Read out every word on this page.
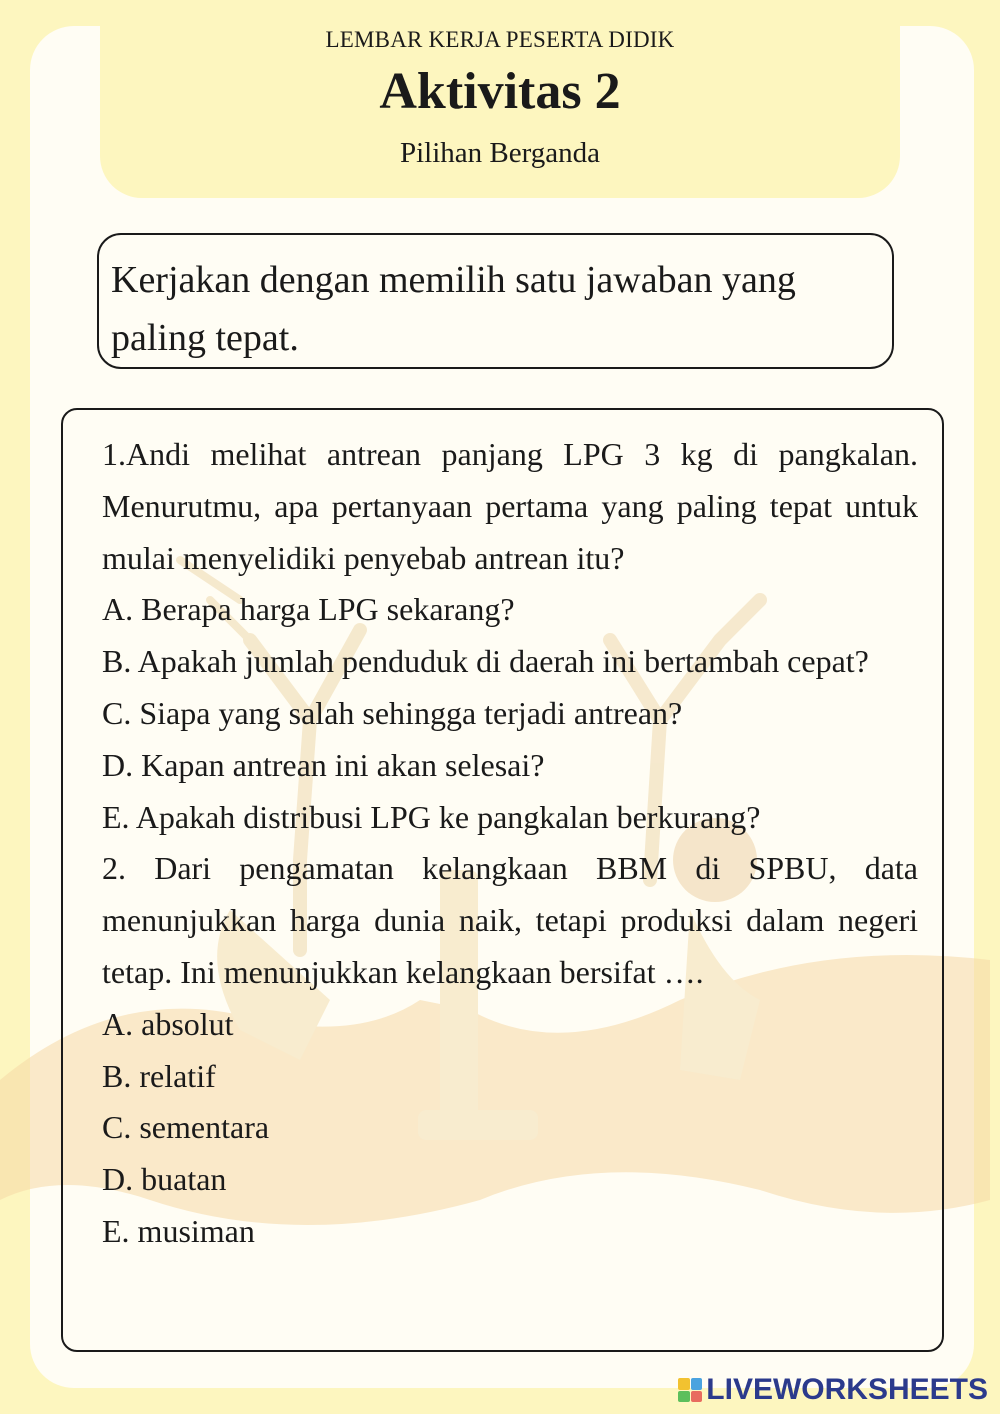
LEMBAR KERJA PESERTA DIDIK
Aktivitas 2
Pilihan Berganda
Kerjakan dengan memilih satu jawaban yang paling tepat.
1.Andi melihat antrean panjang LPG 3 kg di pangkalan. Menurutmu, apa pertanyaan pertama yang paling tepat untuk mulai menyelidiki penyebab antrean itu?
A. Berapa harga LPG sekarang?
B. Apakah jumlah penduduk di daerah ini bertambah cepat?
C. Siapa yang salah sehingga terjadi antrean?
D. Kapan antrean ini akan selesai?
E. Apakah distribusi LPG ke pangkalan berkurang?
2. Dari pengamatan kelangkaan BBM di SPBU, data menunjukkan harga dunia naik, tetapi produksi dalam negeri tetap. Ini menunjukkan kelangkaan bersifat ….
A. absolut
B. relatif
C. sementara
D. buatan
E. musiman
LIVEWORKSHEETS
